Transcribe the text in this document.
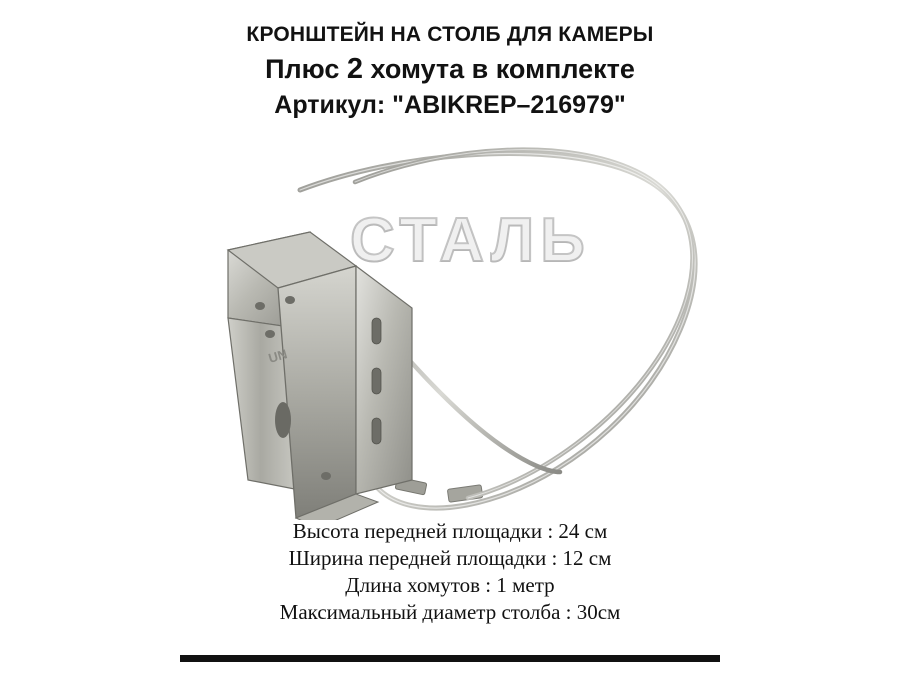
КРОНШТЕЙН НА СТОЛБ ДЛЯ КАМЕРЫ
Плюс 2 хомута в комплекте
Артикул: "ABIKREP–216979"
UN
СТАЛЬ
Высота передней площадки : 24 см
Ширина передней площадки : 12 см
Длина хомутов : 1 метр
Максимальный диаметр столба : 30см
